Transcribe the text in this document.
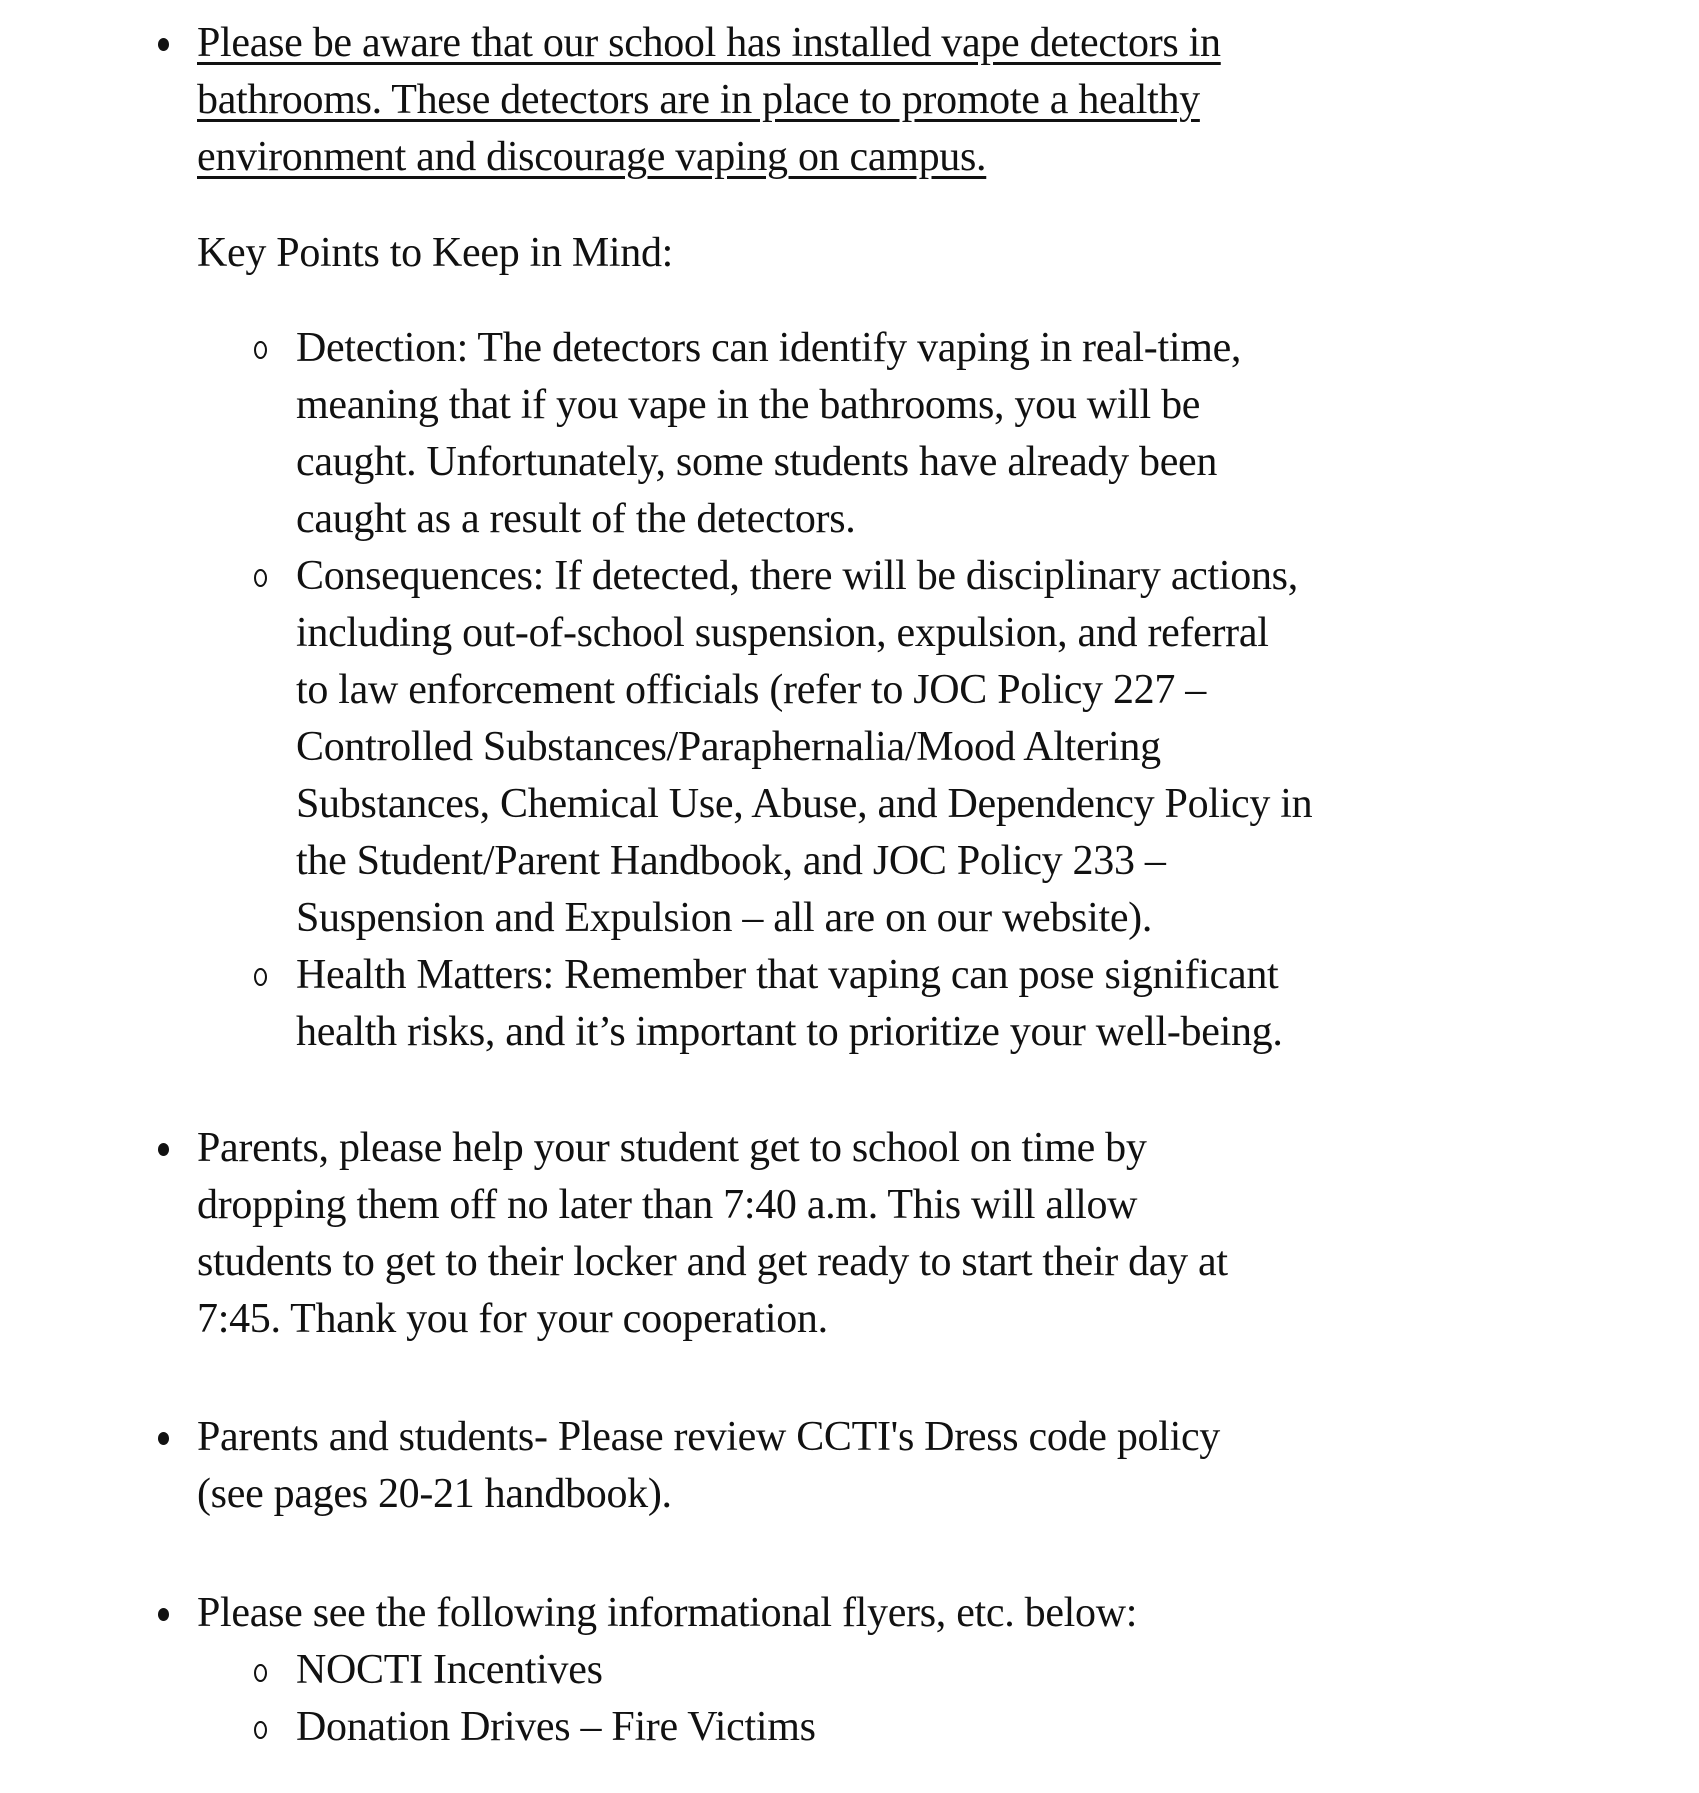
Please be aware that our school has installed vape detectors in
bathrooms. These detectors are in place to promote a healthy
environment and discourage vaping on campus.
Key Points to Keep in Mind:
Detection: The detectors can identify vaping in real-time,
meaning that if you vape in the bathrooms, you will be
caught. Unfortunately, some students have already been
caught as a result of the detectors.
Consequences: If detected, there will be disciplinary actions,
including out-of-school suspension, expulsion, and referral
to law enforcement officials (refer to JOC Policy 227 –
Controlled Substances/Paraphernalia/Mood Altering
Substances, Chemical Use, Abuse, and Dependency Policy in
the Student/Parent Handbook, and JOC Policy 233 –
Suspension and Expulsion – all are on our website).
Health Matters: Remember that vaping can pose significant
health risks, and it’s important to prioritize your well-being.
Parents, please help your student get to school on time by
dropping them off no later than 7:40 a.m. This will allow
students to get to their locker and get ready to start their day at
7:45. Thank you for your cooperation.
Parents and students- Please review CCTI's Dress code policy
(see pages 20-21 handbook).
Please see the following informational flyers, etc. below:
NOCTI Incentives
Donation Drives – Fire Victims
